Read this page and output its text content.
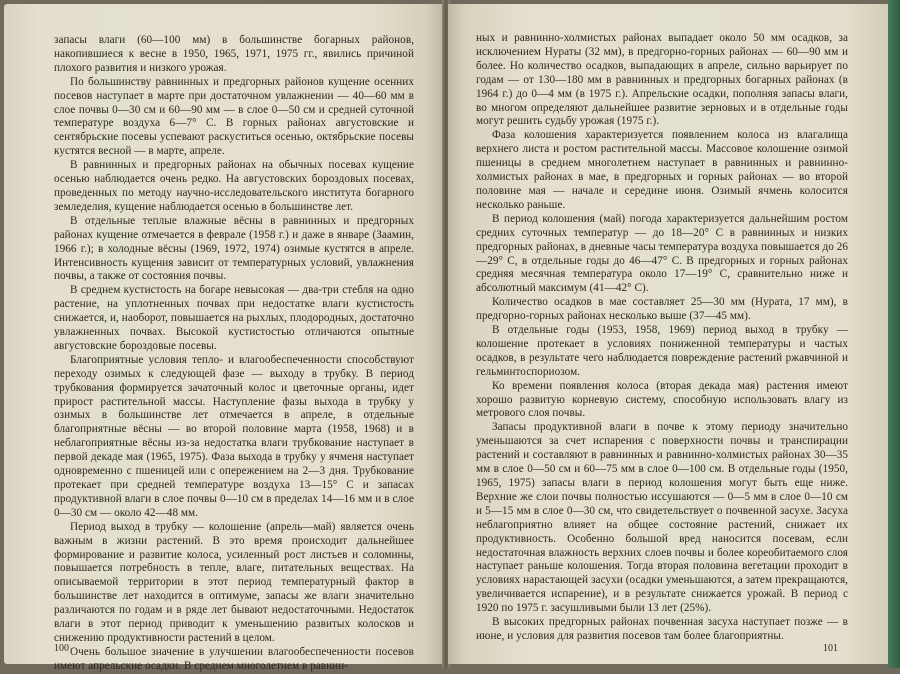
запасы влаги (60—100 мм) в большинстве богарных районов, накопившиеся к весне в 1950, 1965, 1971, 1975 гг., явились причиной плохого развития и низкого урожая.

По большинству равнинных и предгорных районов кущение осенних посевов наступает в марте при достаточном увлажнении — 40—60 мм в слое почвы 0—30 см и 60—90 мм — в слое 0—50 см и средней суточной температуре воздуха 6—7° С. В горных районах августовские и сентябрьские посевы успевают раскуститься осенью, октябрьские посевы кустятся весной — в марте, апреле.

В равнинных и предгорных районах на обычных посевах кущение осенью наблюдается очень редко. На августовских бороздовых посевах, проведенных по методу научно-исследовательского института богарного земледелия, кущение наблюдается осенью в большинстве лет.

В отдельные теплые влажные вёсны в равнинных и предгорных районах кущение отмечается в феврале (1958 г.) и даже в январе (Заамин, 1966 г.); в холодные вёсны (1969, 1972, 1974) озимые кустятся в апреле. Интенсивность кущения зависит от температурных условий, увлажнения почвы, а также от состояния почвы.

В среднем кустистость на богаре невысокая — два-три стебля на одно растение, на уплотненных почвах при недостатке влаги кустистость снижается, и, наоборот, повышается на рыхлых, плодородных, достаточно увлажненных почвах. Высокой кустистостью отличаются опытные августовские бороздовые посевы.

Благоприятные условия тепло- и влагообеспеченности способствуют переходу озимых к следующей фазе — выходу в трубку. В период трубкования формируется зачаточный колос и цветочные органы, идет прирост растительной массы. Наступление фазы выхода в трубку у озимых в большинстве лет отмечается в апреле, в отдельные благоприятные вёсны — во второй половине марта (1958, 1968) и в неблагоприятные вёсны из-за недостатка влаги трубкование наступает в первой декаде мая (1965, 1975). Фаза выхода в трубку у ячменя наступает одновременно с пшеницей или с опережением на 2—3 дня. Трубкование протекает при средней температуре воздуха 13—15° С и запасах продуктивной влаги в слое почвы 0—10 см в пределах 14—16 мм и в слое 0—30 см — около 42—48 мм.

Период выход в трубку — колошение (апрель—май) является очень важным в жизни растений. В это время происходит дальнейшее формирование и развитие колоса, усиленный рост листьев и соломины, повышается потребность в тепле, влаге, питательных веществах. На описываемой территории в этот период температурный фактор в большинстве лет находится в оптимуме, запасы же влаги значительно различаются по годам и в ряде лет бывают недостаточными. Недостаток влаги в этот период приводит к уменьшению развитых колосков и снижению продуктивности растений в целом.

Очень большое значение в улучшении влагообеспеченности посевов имеют апрельские осадки. В среднем многолетнем в равнин-

100

ных и равнинно-холмистых районах выпадает около 50 мм осадков, за исключением Нураты (32 мм), в предгорно-горных районах — 60—90 мм и более. Но количество осадков, выпадающих в апреле, сильно варьирует по годам — от 130—180 мм в равнинных и предгорных богарных районах (в 1964 г.) до 0—4 мм (в 1975 г.). Апрельские осадки, пополняя запасы влаги, во многом определяют дальнейшее развитие зерновых и в отдельные годы могут решить судьбу урожая (1975 г.).

Фаза колошения характеризуется появлением колоса из влагалища верхнего листа и ростом растительной массы. Массовое колошение озимой пшеницы в среднем многолетнем наступает в равнинных и равнинно-холмистых районах в мае, в предгорных и горных районах — во второй половине мая — начале и середине июня. Озимый ячмень колосится несколько раньше.

В период колошения (май) погода характеризуется дальнейшим ростом средних суточных температур — до 18—20° С в равнинных и низких предгорных районах, в дневные часы температура воздуха повышается до 26—29° С, в отдельные годы до 46—47° С. В предгорных и горных районах средняя месячная температура около 17—19° С, сравнительно ниже и абсолютный максимум (41—42° С).

Количество осадков в мае составляет 25—30 мм (Нурата, 17 мм), в предгорно-горных районах несколько выше (37—45 мм).

В отдельные годы (1953, 1958, 1969) период выход в трубку — колошение протекает в условиях пониженной температуры и частых осадков, в результате чего наблюдается повреждение растений ржавчиной и гельминтоспориозом.

Ко времени появления колоса (вторая декада мая) растения имеют хорошо развитую корневую систему, способную использовать влагу из метрового слоя почвы.

Запасы продуктивной влаги в почве к этому периоду значительно уменьшаются за счет испарения с поверхности почвы и транспирации растений и составляют в равнинных и равнинно-холмистых районах 30—35 мм в слое 0—50 см и 60—75 мм в слое 0—100 см. В отдельные годы (1950, 1965, 1975) запасы влаги в период колошения могут быть еще ниже. Верхние же слои почвы полностью иссушаются — 0—5 мм в слое 0—10 см и 5—15 мм в слое 0—30 см, что свидетельствует о почвенной засухе. Засуха неблагоприятно влияет на общее состояние растений, снижает их продуктивность. Особенно большой вред наносится посевам, если недостаточная влажность верхних слоев почвы и более кореобитаемого слоя наступает раньше колошения. Тогда вторая половина вегетации проходит в условиях нарастающей засухи (осадки уменьшаются, а затем прекращаются, увеличивается испарение), и в результате снижается урожай. В период с 1920 по 1975 г. засушливыми были 13 лет (25%).

В высоких предгорных районах почвенная засуха наступает позже — в июне, и условия для развития посевов там более благоприятны.

101
